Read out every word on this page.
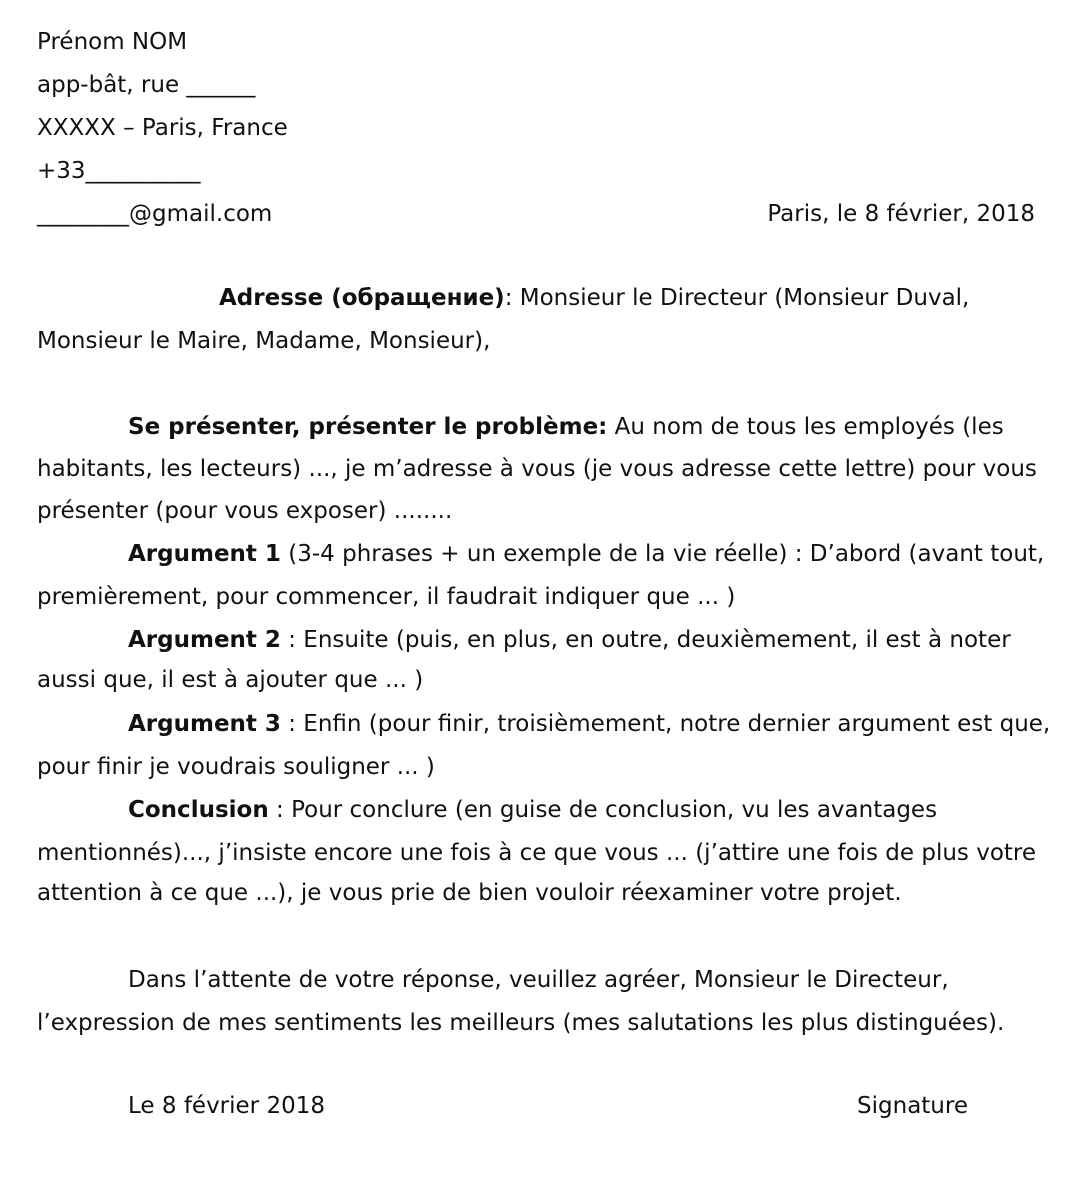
Prénom NOM
app-bât, rue ______
XXXXX – Paris, France
+33__________
________@gmail.com	Paris, le 8 février, 2018
Adresse (обращение): Monsieur le Directeur (Monsieur Duval,
Monsieur le Maire, Madame, Monsieur),
Se présenter, présenter le problème: Au nom de tous les employés (les
habitants, les lecteurs) ..., je m’adresse à vous (je vous adresse cette lettre) pour vous
présenter (pour vous exposer) ........
Argument 1 (3-4 phrases + un exemple de la vie réelle) : D’abord (avant tout,
premièrement, pour commencer, il faudrait indiquer que ... )
Argument 2 : Ensuite (puis, en plus, en outre, deuxièmement, il est à noter
aussi que, il est à ajouter que ... )
Argument 3 : Enfin (pour finir, troisièmement, notre dernier argument est que,
pour finir je voudrais souligner ... )
Conclusion : Pour conclure (en guise de conclusion, vu les avantages
mentionnés)..., j’insiste encore une fois à ce que vous ... (j’attire une fois de plus votre
attention à ce que ...), je vous prie de bien vouloir réexaminer votre projet.
Dans l’attente de votre réponse, veuillez agréer, Monsieur le Directeur,
l’expression de mes sentiments les meilleurs (mes salutations les plus distinguées).
Le 8 février 2018	Signature
